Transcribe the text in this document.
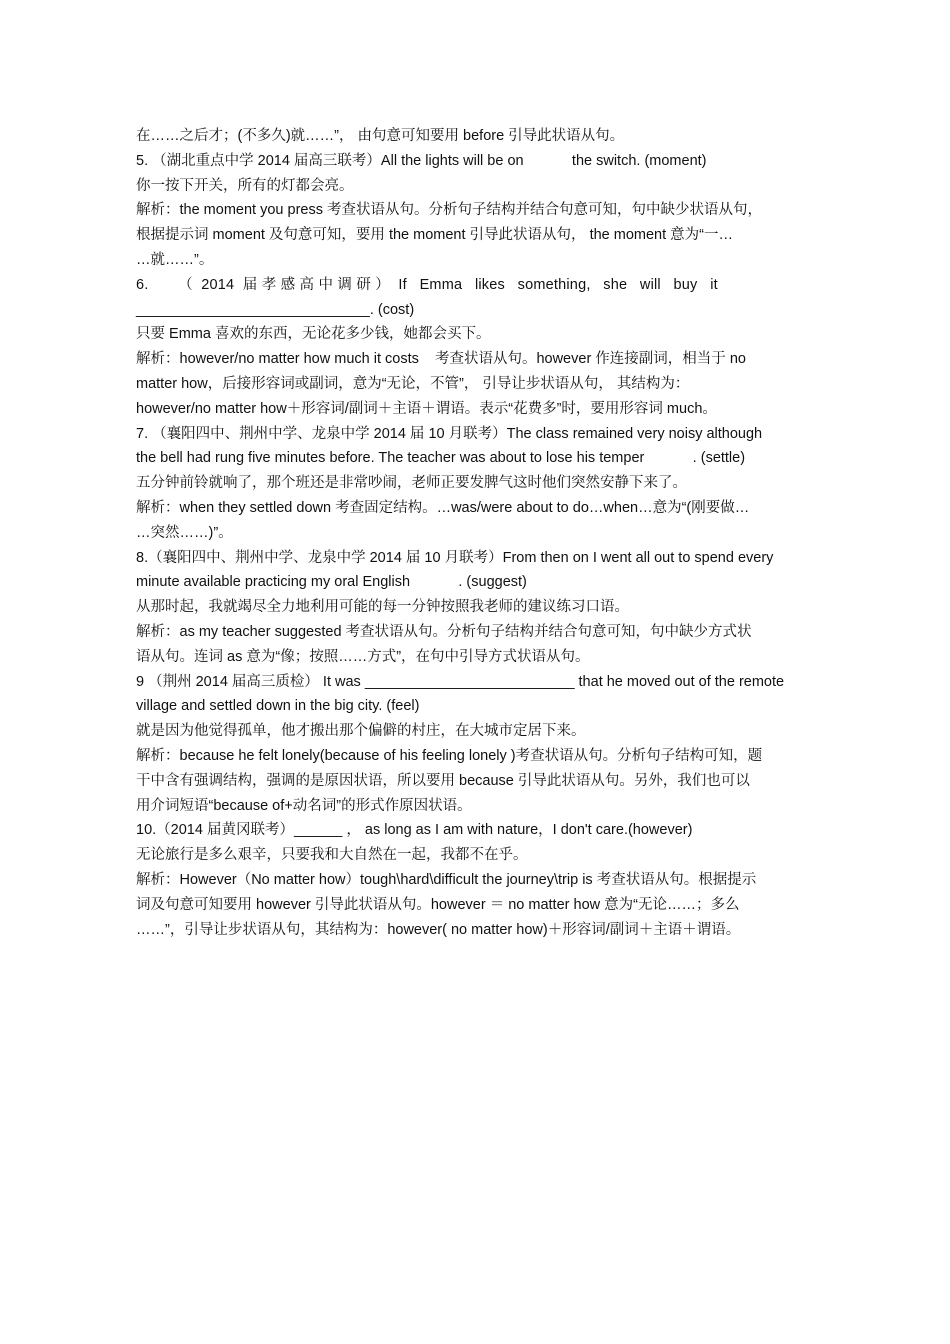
在……之后才；(不多久)就……”， 由句意可知要用 before 引导此状语从句。
5. （湖北重点中学 2014 届高三联考）All the lights will be on            the switch. (moment)
你一按下开关，所有的灯都会亮。
解析：the moment you press 考查状语从句。分析句子结构并结合句意可知，句中缺少状语从句，
根据提示词 moment 及句意可知，要用 the moment 引导此状语从句， the moment 意为“一…
…就……”。
6.       （  2014  届 孝 感 高 中 调 研 ）  If   Emma   likes   something,   she   will   buy   it
_____________________________. (cost)
只要 Emma 喜欢的东西，无论花多少钱，她都会买下。
解析：however/no matter how much it costs    考查状语从句。however 作连接副词，相当于 no
matter how，后接形容词或副词，意为“无论，不管”， 引导让步状语从句， 其结构为：
however/no matter how＋形容词/副词＋主语＋谓语。表示“花费多”时，要用形容词 much。
7. （襄阳四中、荆州中学、龙泉中学 2014 届 10 月联考）The class remained very noisy although
the bell had rung five minutes before. The teacher was about to lose his temper            . (settle)
五分钟前铃就响了，那个班还是非常吵闹，老师正要发脾气这时他们突然安静下来了。
解析：when they settled down 考查固定结构。…was/were about to do…when…意为“(刚要做…
…突然……)”。
8.（襄阳四中、荆州中学、龙泉中学 2014 届 10 月联考）From then on I went all out to spend every
minute available practicing my oral English            . (suggest)
从那时起，我就竭尽全力地利用可能的每一分钟按照我老师的建议练习口语。
解析：as my teacher suggested 考查状语从句。分析句子结构并结合句意可知，句中缺少方式状
语从句。连词 as 意为“像；按照……方式”，在句中引导方式状语从句。
9 （荆州 2014 届高三质检） It was __________________________ that he moved out of the remote
village and settled down in the big city. (feel)
就是因为他觉得孤单，他才搬出那个偏僻的村庄，在大城市定居下来。
解析：because he felt lonely(because of his feeling lonely )考查状语从句。分析句子结构可知，题
干中含有强调结构，强调的是原因状语，所以要用 because 引导此状语从句。另外，我们也可以
用介词短语“because of+动名词”的形式作原因状语。
10.（2014 届黄冈联考）______ ， as long as I am with nature，I don't care.(however)
无论旅行是多么艰辛，只要我和大自然在一起，我都不在乎。
解析：However（No matter how）tough\hard\difficult the journey\trip is 考查状语从句。根据提示
词及句意可知要用 however 引导此状语从句。however ＝ no matter how 意为“无论……；多么
……”，引导让步状语从句，其结构为：however( no matter how)＋形容词/副词＋主语＋谓语。
